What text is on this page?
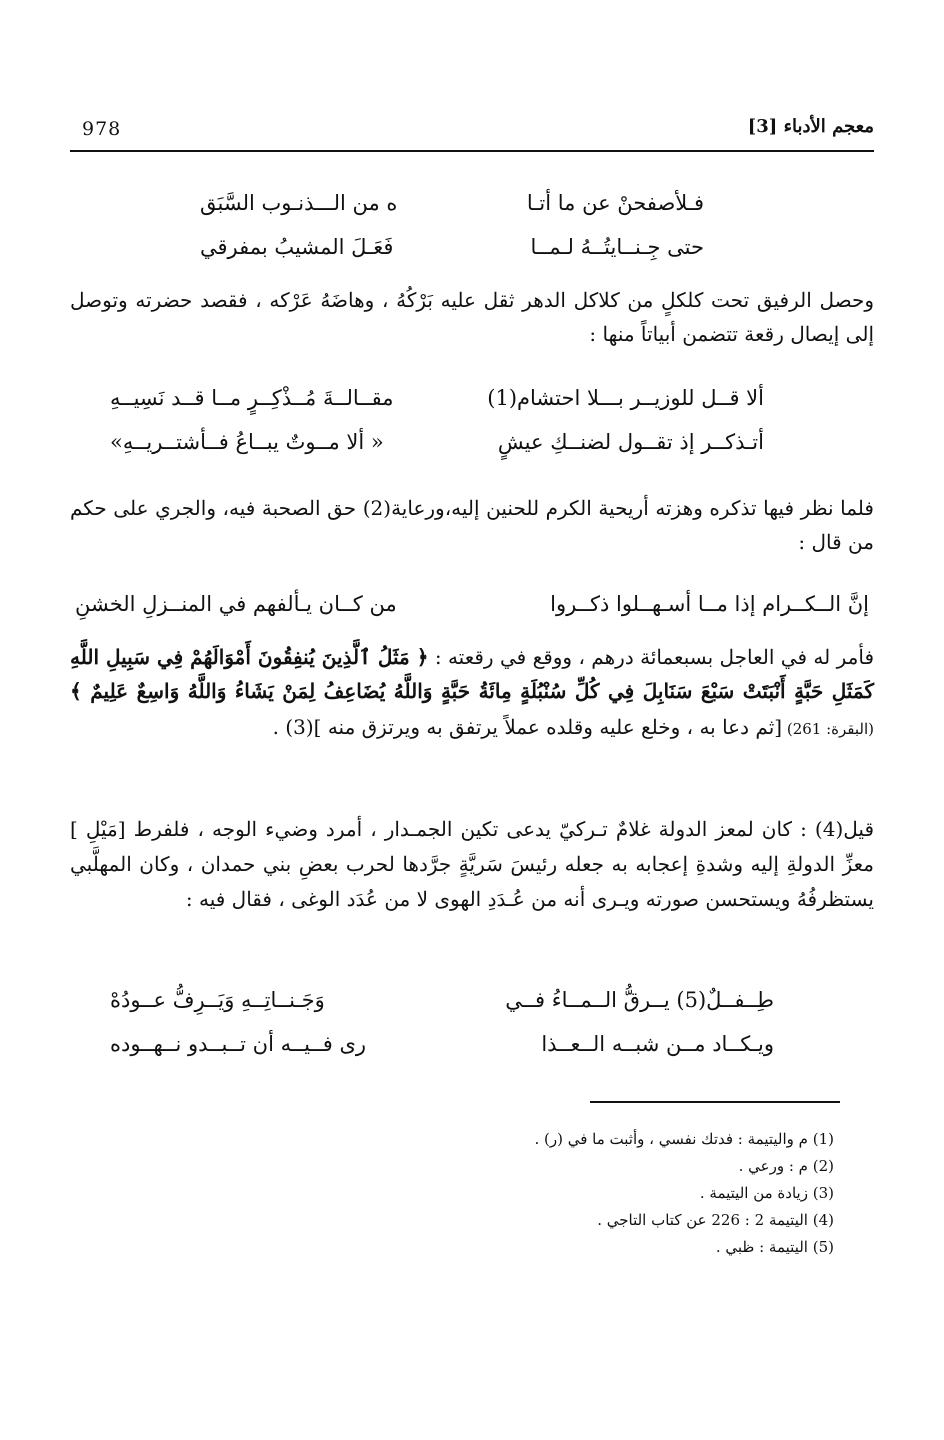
978	معجم الأدباء [3]
فـلأصفحنْ عن ما أتـا
ه من الـــذنـوب السَّبَق
حتى جِـنــايتُــهُ لـمــا
فَعَـلَ المشيبُ بمفرقي

وحصل الرفيق تحت كلكلٍ من كلاكل الدهر ثقل عليه بَرْكُهُ ، وهاضَهُ عَرْكه ، فقصد حضرته وتوصل إلى إيصال رقعة تتضمن أبياتاً منها :

ألا قــل للوزيــر بـــلا احتشام(1)
مقــالــةَ مُــذْكِــرٍ مــا قــد نَسِيــهِ
أتـذكــر إذ تقــول لضنــكِ عيشٍ
« ألا مــوتٌ يبــاعُ فــأشتــريــهِ»

فلما نظر فيها تذكره وهزته أريحية الكرم للحنين إليه،ورعاية(2) حق الصحبة فيه، والجري على حكم من قال :

إنَّ الــكــرام إذا مــا أسـهــلوا ذكــروا
من كــان يـألفهم في المنــزلِ الخشنِ

فأمر له في العاجل بسبعمائة درهم ، ووقع في رقعته : ﴿ مَثَلُ ٱلَّذِينَ يُنفِقُونَ أَمْوَالَهُمْ فِي سَبِيلِ اللَّهِ كَمَثَلِ حَبَّةٍ أَنْبَتَتْ سَبْعَ سَنَابِلَ فِي كُلِّ سُنْبُلَةٍ مِائَةُ حَبَّةٍ وَاللَّهُ يُضَاعِفُ لِمَنْ يَشَاءُ وَاللَّهُ وَاسِعٌ عَلِيمٌ ﴾ (البقرة: 261) [ثم دعا به ، وخلع عليه وقلده عملاً يرتفق به ويرتزق منه ](3) .

قيل(4) : كان لمعز الدولة غلامٌ تـركيّ يدعى تكين الجمـدار ، أمرد وضيء الوجه ، فلفرط [مَيْلِ ] معزِّ الدولةِ إليه وشدةِ إعجابه به جعله رئيسَ سَريَّةٍ جرَّدها لحرب بعضِ بني حمدان ، وكان المهلَّبي يستظرفُهُ ويستحسن صورته ويـرى أنه من عُـدَدِ الهوى لا من عُدَد الوغى ، فقال فيه :

طِــفــلٌ(5) يــرقُّ الــمــاءُ فــي
وَجَـنــاتِــهِ وَيَــرِفُّ عــودُهْ
ويـكــاد مــن شبــه الــعــذا
رى فــيــه أن تــبــدو نــهــوده
(1) م واليتيمة : فدتك نفسي ، وأثبت ما في (ر) .
(2) م : ورعي .
(3) زيادة من اليتيمة .
(4) اليتيمة 2 : 226 عن كتاب التاجي .
(5) اليتيمة : ظبي .
